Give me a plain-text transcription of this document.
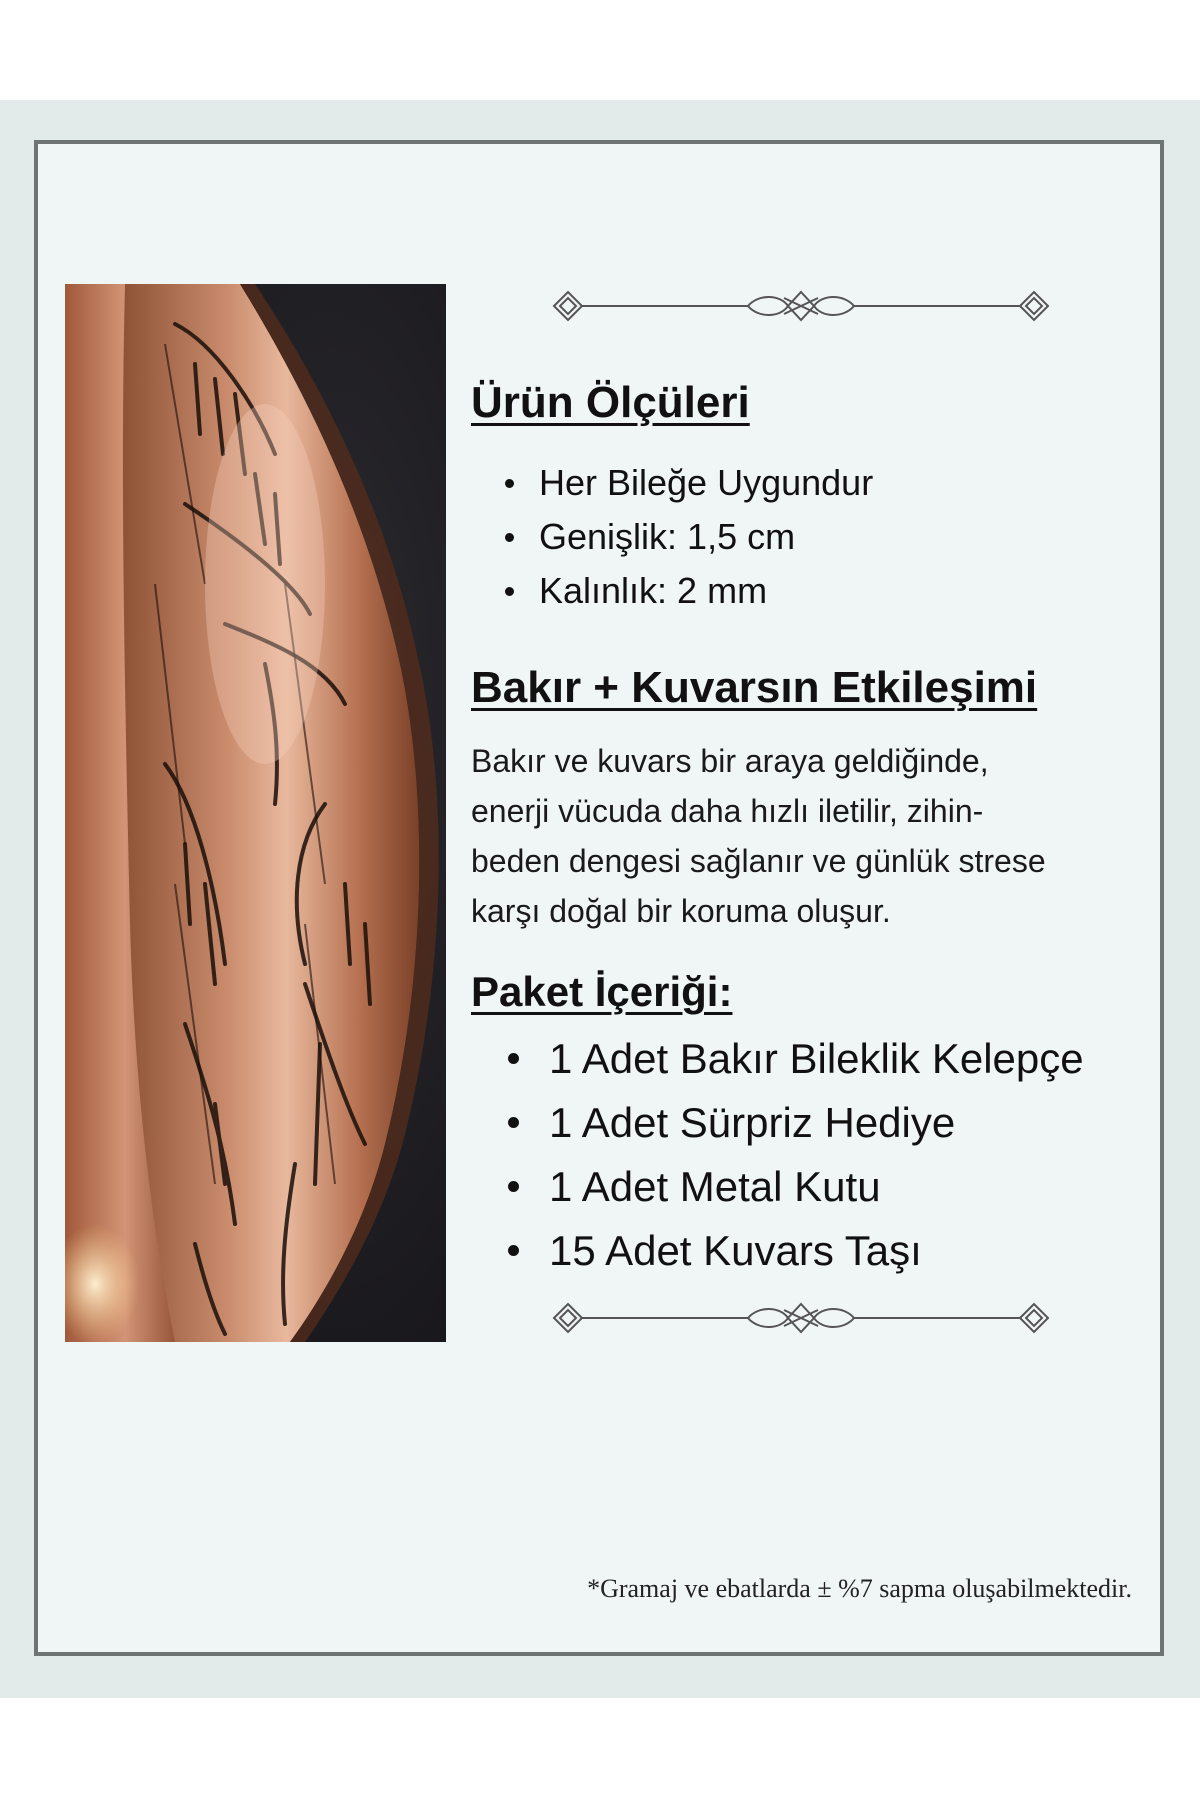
Ürün Ölçüleri
Her Bileğe Uygundur
Genişlik: 1,5 cm
Kalınlık: 2 mm
Bakır + Kuvarsın Etkileşimi

Bakır ve kuvars bir araya geldiğinde,
enerji vücuda daha hızlı iletilir, zihin-
beden dengesi sağlanır ve günlük strese
karşı doğal bir koruma oluşur.

Paket İçeriği:
1 Adet Bakır Bileklik Kelepçe
1 Adet Sürpriz Hediye
1 Adet Metal Kutu
15 Adet Kuvars Taşı

*Gramaj ve ebatlarda ± %7 sapma oluşabilmektedir.
